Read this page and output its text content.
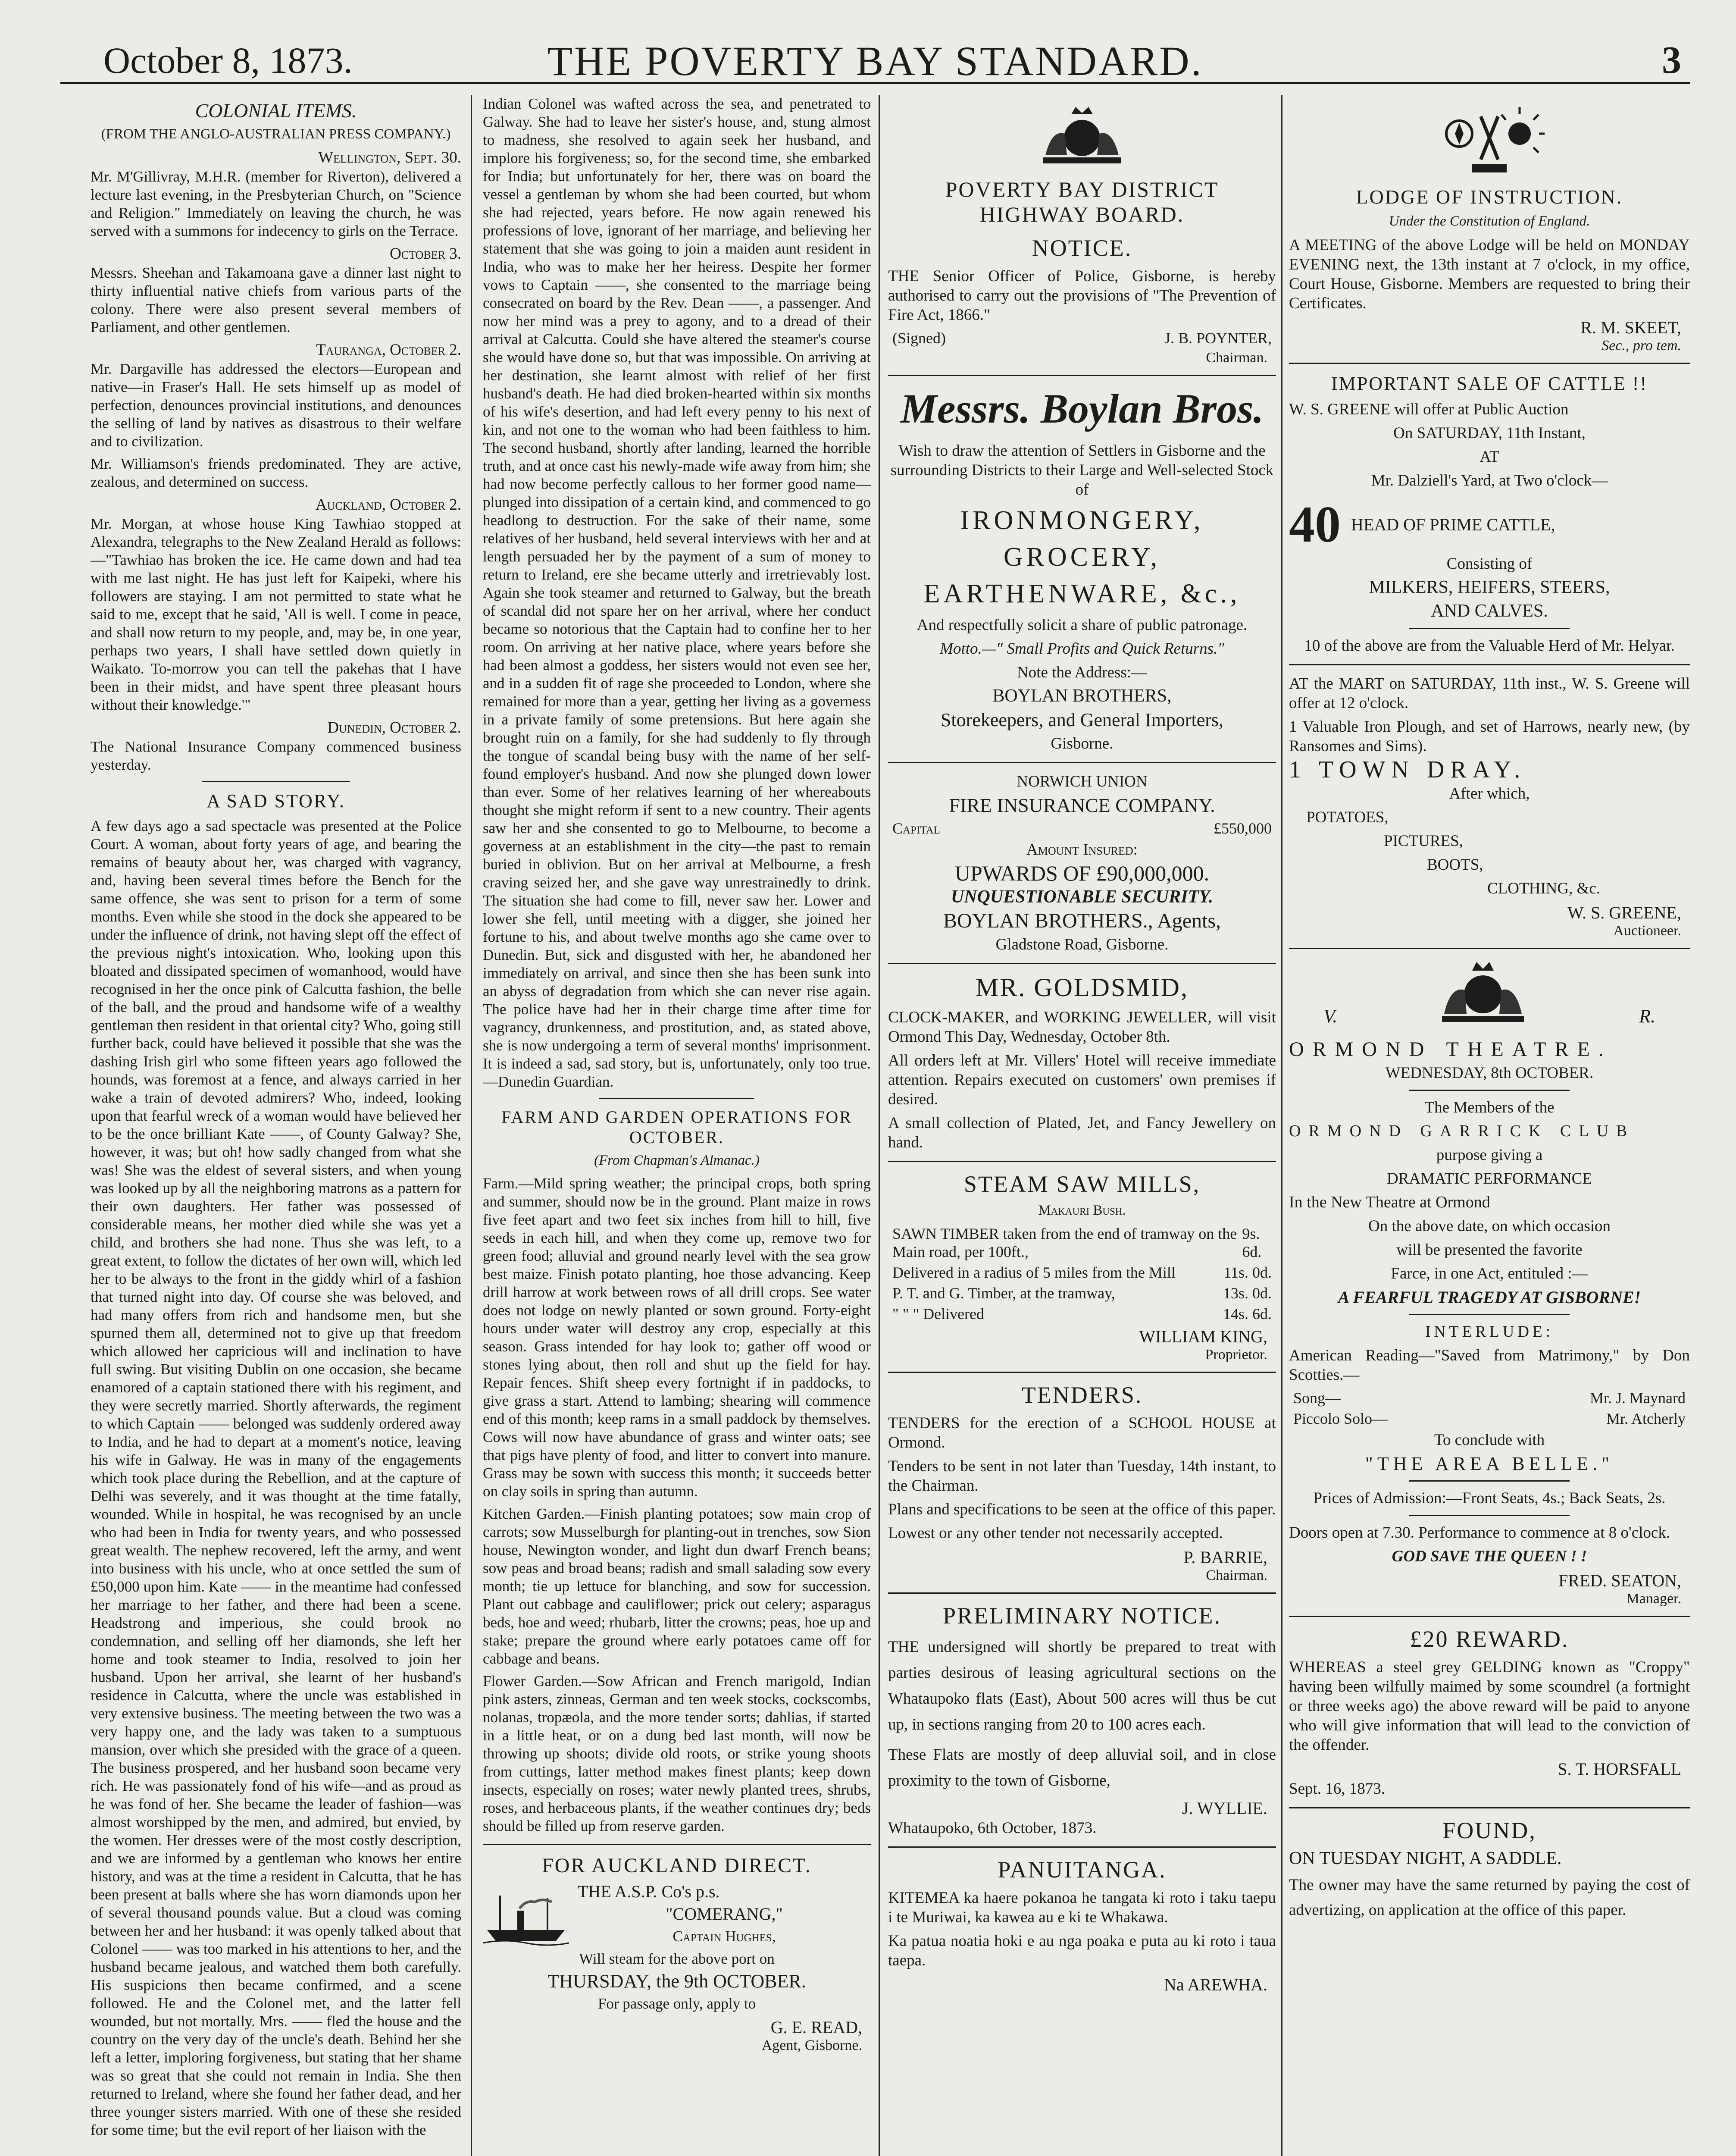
October 8, 1873.	THE POVERTY BAY STANDARD.	3
COLONIAL ITEMS.
(FROM THE ANGLO-AUSTRALIAN PRESS COMPANY.)
Wellington, Sept. 30.

Mr. M'Gillivray, M.H.R. (member for Riverton), delivered a lecture last evening, in the Presbyterian Church, on "Science and Religion." Immediately on leaving the church, he was served with a summons for indecency to girls on the Terrace.

October 3.

Messrs. Sheehan and Takamoana gave a dinner last night to thirty influential native chiefs from various parts of the colony. There were also present several members of Parliament, and other gentlemen.

Tauranga, October 2.

Mr. Dargaville has addressed the electors—European and native—in Fraser's Hall. He sets himself up as model of perfection, denounces provincial institutions, and denounces the selling of land by natives as disastrous to their welfare and to civilization.

Mr. Williamson's friends predominated. They are active, zealous, and determined on success.

Auckland, October 2.

Mr. Morgan, at whose house King Tawhiao stopped at Alexandra, telegraphs to the New Zealand Herald as follows:—"Tawhiao has broken the ice. He came down and had tea with me last night. He has just left for Kaipeki, where his followers are staying. I am not permitted to state what he said to me, except that he said, 'All is well. I come in peace, and shall now return to my people, and, may be, in one year, perhaps two years, I shall have settled down quietly in Waikato. To-morrow you can tell the pakehas that I have been in their midst, and have spent three pleasant hours without their knowledge.'"

Dunedin, October 2.

The National Insurance Company commenced business yesterday.

A SAD STORY.

A few days ago a sad spectacle was presented at the Police Court. A woman, about forty years of age, and bearing the remains of beauty about her, was charged with vagrancy, and, having been several times before the Bench for the same offence, she was sent to prison for a term of some months. Even while she stood in the dock she appeared to be under the influence of drink, not having slept off the effect of the previous night's intoxication. Who, looking upon this bloated and dissipated specimen of womanhood, would have recognised in her the once pink of Calcutta fashion, the belle of the ball, and the proud and handsome wife of a wealthy gentleman then resident in that oriental city? Who, going still further back, could have believed it possible that she was the dashing Irish girl who some fifteen years ago followed the hounds, was foremost at a fence, and always carried in her wake a train of devoted admirers? Who, indeed, looking upon that fearful wreck of a woman would have believed her to be the once brilliant Kate ——, of County Galway? She, however, it was; but oh! how sadly changed from what she was! She was the eldest of several sisters, and when young was looked up by all the neighboring matrons as a pattern for their own daughters. Her father was possessed of considerable means, her mother died while she was yet a child, and brothers she had none. Thus she was left, to a great extent, to follow the dictates of her own will, which led her to be always to the front in the giddy whirl of a fashion that turned night into day. Of course she was beloved, and had many offers from rich and handsome men, but she spurned them all, determined not to give up that freedom which allowed her capricious will and inclination to have full swing. But visiting Dublin on one occasion, she became enamored of a captain stationed there with his regiment, and they were secretly married. Shortly afterwards, the regiment to which Captain —— belonged was suddenly ordered away to India, and he had to depart at a moment's notice, leaving his wife in Galway. He was in many of the engagements which took place during the Rebellion, and at the capture of Delhi was severely, and it was thought at the time fatally, wounded. While in hospital, he was recognised by an uncle who had been in India for twenty years, and who possessed great wealth. The nephew recovered, left the army, and went into business with his uncle, who at once settled the sum of £50,000 upon him. Kate —— in the meantime had confessed her marriage to her father, and there had been a scene. Headstrong and imperious, she could brook no condemnation, and selling off her diamonds, she left her home and took steamer to India, resolved to join her husband. Upon her arrival, she learnt of her husband's residence in Calcutta, where the uncle was established in very extensive business. The meeting between the two was a very happy one, and the lady was taken to a sumptuous mansion, over which she presided with the grace of a queen. The business prospered, and her husband soon became very rich. He was passionately fond of his wife—and as proud as he was fond of her. She became the leader of fashion—was almost worshipped by the men, and admired, but envied, by the women. Her dresses were of the most costly description, and we are informed by a gentleman who knows her entire history, and was at the time a resident in Calcutta, that he has been present at balls where she has worn diamonds upon her of several thousand pounds value. But a cloud was coming between her and her husband: it was openly talked about that Colonel —— was too marked in his attentions to her, and the husband became jealous, and watched them both carefully. His suspicions then became confirmed, and a scene followed. He and the Colonel met, and the latter fell wounded, but not mortally. Mrs. —— fled the house and the country on the very day of the uncle's death. Behind her she left a letter, imploring forgiveness, but stating that her shame was so great that she could not remain in India. She then returned to Ireland, where she found her father dead, and her three younger sisters married. With one of these she resided for some time; but the evil report of her liaison with the

Indian Colonel was wafted across the sea, and penetrated to Galway. She had to leave her sister's house, and, stung almost to madness, she resolved to again seek her husband, and implore his forgiveness; so, for the second time, she embarked for India; but unfortunately for her, there was on board the vessel a gentleman by whom she had been courted, but whom she had rejected, years before. He now again renewed his professions of love, ignorant of her marriage, and believing her statement that she was going to join a maiden aunt resident in India, who was to make her her heiress. Despite her former vows to Captain ——, she consented to the marriage being consecrated on board by the Rev. Dean ——, a passenger. And now her mind was a prey to agony, and to a dread of their arrival at Calcutta. Could she have altered the steamer's course she would have done so, but that was impossible. On arriving at her destination, she learnt almost with relief of her first husband's death. He had died broken-hearted within six months of his wife's desertion, and had left every penny to his next of kin, and not one to the woman who had been faithless to him. The second husband, shortly after landing, learned the horrible truth, and at once cast his newly-made wife away from him; she had now become perfectly callous to her former good name—plunged into dissipation of a certain kind, and commenced to go headlong to destruction. For the sake of their name, some relatives of her husband, held several interviews with her and at length persuaded her by the payment of a sum of money to return to Ireland, ere she became utterly and irretrievably lost. Again she took steamer and returned to Galway, but the breath of scandal did not spare her on her arrival, where her conduct became so notorious that the Captain had to confine her to her room. On arriving at her native place, where years before she had been almost a goddess, her sisters would not even see her, and in a sudden fit of rage she proceeded to London, where she remained for more than a year, getting her living as a governess in a private family of some pretensions. But here again she brought ruin on a family, for she had suddenly to fly through the tongue of scandal being busy with the name of her self-found employer's husband. And now she plunged down lower than ever. Some of her relatives learning of her whereabouts thought she might reform if sent to a new country. Their agents saw her and she consented to go to Melbourne, to become a governess at an establishment in the city—the past to remain buried in oblivion. But on her arrival at Melbourne, a fresh craving seized her, and she gave way unrestrainedly to drink. The situation she had come to fill, never saw her. Lower and lower she fell, until meeting with a digger, she joined her fortune to his, and about twelve months ago she came over to Dunedin. But, sick and disgusted with her, he abandoned her immediately on arrival, and since then she has been sunk into an abyss of degradation from which she can never rise again. The police have had her in their charge time after time for vagrancy, drunkenness, and prostitution, and, as stated above, she is now undergoing a term of several months' imprisonment. It is indeed a sad, sad story, but is, unfortunately, only too true.—Dunedin Guardian.

FARM AND GARDEN OPERATIONS FOR OCTOBER.
(From Chapman's Almanac.)

Farm.—Mild spring weather; the principal crops, both spring and summer, should now be in the ground. Plant maize in rows five feet apart and two feet six inches from hill to hill, five seeds in each hill, and when they come up, remove two for green food; alluvial and ground nearly level with the sea grow best maize. Finish potato planting, hoe those advancing. Keep drill harrow at work between rows of all drill crops. See water does not lodge on newly planted or sown ground. Forty-eight hours under water will destroy any crop, especially at this season. Grass intended for hay look to; gather off wood or stones lying about, then roll and shut up the field for hay. Repair fences. Shift sheep every fortnight if in paddocks, to give grass a start. Attend to lambing; shearing will commence end of this month; keep rams in a small paddock by themselves. Cows will now have abundance of grass and winter oats; see that pigs have plenty of food, and litter to convert into manure. Grass may be sown with success this month; it succeeds better on clay soils in spring than autumn.

Kitchen Garden.—Finish planting potatoes; sow main crop of carrots; sow Musselburgh for planting-out in trenches, sow Sion house, Newington wonder, and light dun dwarf French beans; sow peas and broad beans; radish and small salading sow every month; tie up lettuce for blanching, and sow for succession. Plant out cabbage and cauliflower; prick out celery; asparagus beds, hoe and weed; rhubarb, litter the crowns; peas, hoe up and stake; prepare the ground where early potatoes came off for cabbage and beans.

Flower Garden.—Sow African and French marigold, Indian pink asters, zinneas, German and ten week stocks, cockscombs, nolanas, tropæola, and the more tender sorts; dahlias, if started in a little heat, or on a dung bed last month, will now be throwing up shoots; divide old roots, or strike young shoots from cuttings, latter method makes finest plants; keep down insects, especially on roses; water newly planted trees, shrubs, roses, and herbaceous plants, if the weather continues dry; beds should be filled up from reserve garden.

FOR AUCKLAND DIRECT.

THE A.S.P. Co's p.s.

"COMERANG,"

Captain Hughes,

Will steam for the above port on

THURSDAY, the 9th OCTOBER.

For passage only, apply to

G. E. READ,
Agent, Gisborne.
POVERTY BAY DISTRICT HIGHWAY BOARD.
NOTICE.

THE Senior Officer of Police, Gisborne, is hereby authorised to carry out the provisions of "The Prevention of Fire Act, 1866."

(Signed)	J. B. POYNTER,
Chairman.
Messrs. Boylan Bros.

Wish to draw the attention of Settlers in Gisborne and the surrounding Districts to their Large and Well-selected Stock of

IRONMONGERY,
GROCERY,
EARTHENWARE, &c.,

And respectfully solicit a share of public patronage.

Motto.—" Small Profits and Quick Returns."

Note the Address:—

BOYLAN BROTHERS,

Storekeepers, and General Importers,

Gisborne.

NORWICH UNION

FIRE INSURANCE COMPANY.

Capital	£550,000

Amount Insured:

UPWARDS OF £90,000,000.

UNQUESTIONABLE SECURITY.

BOYLAN BROTHERS., Agents,

Gladstone Road, Gisborne.

MR. GOLDSMID,

CLOCK-MAKER, and WORKING JEWELLER, will visit Ormond This Day, Wednesday, October 8th.

All orders left at Mr. Villers' Hotel will receive immediate attention. Repairs executed on customers' own premises if desired.

A small collection of Plated, Jet, and Fancy Jewellery on hand.

STEAM SAW MILLS,
Makauri Bush.
SAWN TIMBER taken from the end of tramway on the Main road, per 100ft.,
9s. 6d.
Delivered in a radius of 5 miles from the Mill	11s. 0d.
P. T. and G. Timber, at the tramway,	13s. 0d.
" " " Delivered	14s. 6d.
WILLIAM KING,
Proprietor.
TENDERS.

TENDERS for the erection of a SCHOOL HOUSE at Ormond.

Tenders to be sent in not later than Tuesday, 14th instant, to the Chairman.

Plans and specifications to be seen at the office of this paper.

Lowest or any other tender not necessarily accepted.

P. BARRIE,
Chairman.
PRELIMINARY NOTICE.

THE undersigned will shortly be prepared to treat with parties desirous of leasing agricultural sections on the Whataupoko flats (East), About 500 acres will thus be cut up, in sections ranging from 20 to 100 acres each.

These Flats are mostly of deep alluvial soil, and in close proximity to the town of Gisborne,

J. WYLLIE.

Whataupoko, 6th October, 1873.

PANUITANGA.

KITEMEA ka haere pokanoa he tangata ki roto i taku taepu i te Muriwai, ka kawea au e ki te Whakawa.

Ka patua noatia hoki e au nga poaka e puta au ki roto i taua taepa.

Na AREWHA.
LODGE OF INSTRUCTION.
Under the Constitution of England.

A MEETING of the above Lodge will be held on MONDAY EVENING next, the 13th instant at 7 o'clock, in my office, Court House, Gisborne. Members are requested to bring their Certificates.

R. M. SKEET,
Sec., pro tem.
IMPORTANT SALE OF CATTLE !!

W. S. GREENE will offer at Public Auction

On SATURDAY, 11th Instant,

AT

Mr. Dalziell's Yard, at Two o'clock—

40 HEAD OF PRIME CATTLE,

Consisting of

MILKERS, HEIFERS, STEERS,

AND CALVES.

10 of the above are from the Valuable Herd of Mr. Helyar.

AT the MART on SATURDAY, 11th inst., W. S. Greene will offer at 12 o'clock.

1 Valuable Iron Plough, and set of Harrows, nearly new, (by Ransomes and Sims).

1 TOWN DRAY.

After which,

POTATOES,

PICTURES,

BOOTS,

CLOTHING, &c.

W. S. GREENE,
Auctioneer.
V.	R.

ORMOND THEATRE.

WEDNESDAY, 8th OCTOBER.

The Members of the

ORMOND GARRICK CLUB

purpose giving a

DRAMATIC PERFORMANCE

In the New Theatre at Ormond

On the above date, on which occasion

will be presented the favorite

Farce, in one Act, entituled :—

A FEARFUL TRAGEDY AT GISBORNE!

INTERLUDE:

American Reading—"Saved from Matrimony," by Don Scotties.—

Song—	Mr. J. Maynard
Piccolo Solo—	Mr. Atcherly

To conclude with

"THE AREA BELLE."

Prices of Admission:—Front Seats, 4s.; Back Seats, 2s.

Doors open at 7.30. Performance to commence at 8 o'clock.

GOD SAVE THE QUEEN ! !

FRED. SEATON,
Manager.
£20 REWARD.

WHEREAS a steel grey GELDING known as "Croppy" having been wilfully maimed by some scoundrel (a fortnight or three weeks ago) the above reward will be paid to anyone who will give information that will lead to the conviction of the offender.

S. T. HORSFALL

Sept. 16, 1873.

FOUND,

ON TUESDAY NIGHT, A SADDLE.

The owner may have the same returned by paying the cost of advertizing, on application at the office of this paper.
